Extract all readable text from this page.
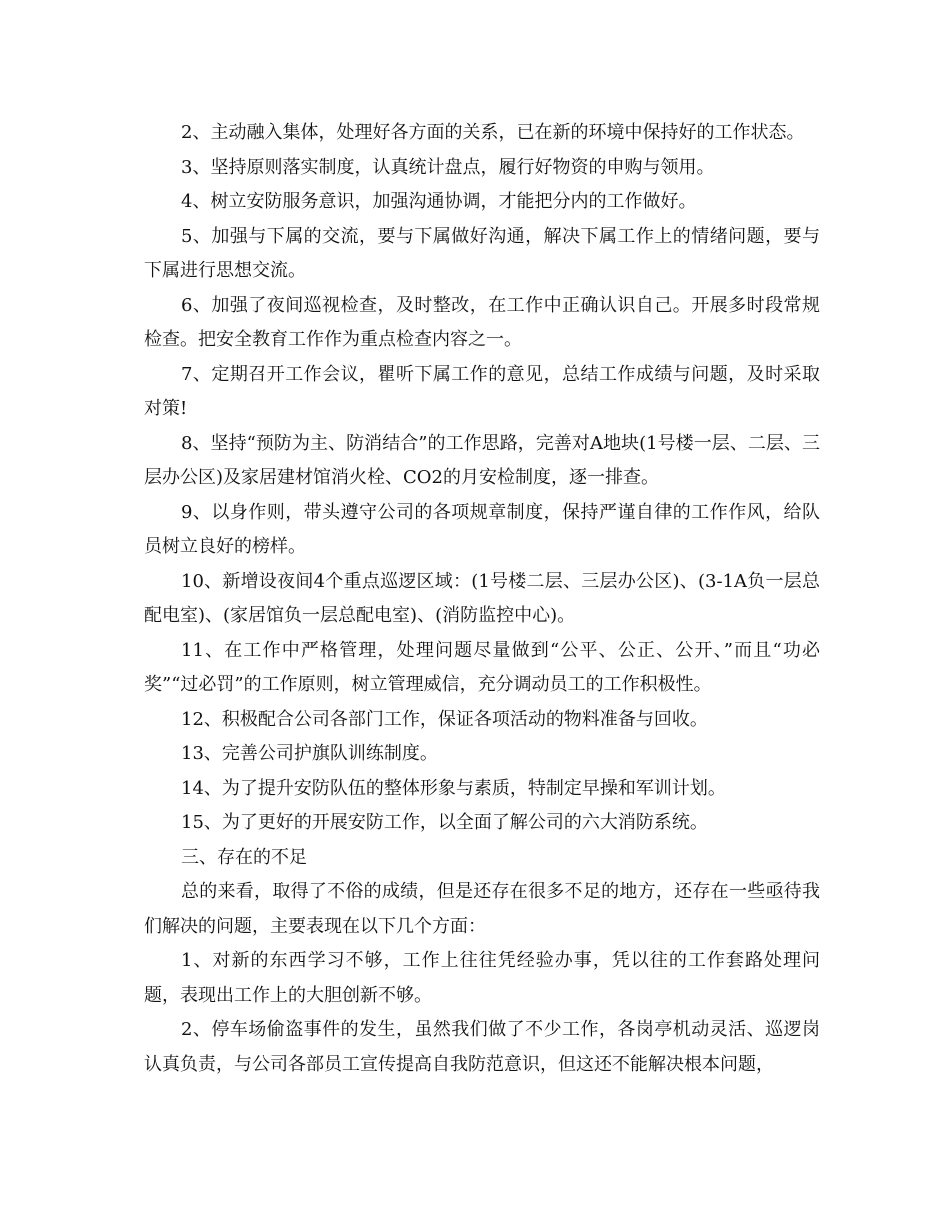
2、主动融入集体，处理好各方面的关系，已在新的环境中保持好的工作状态。

3、坚持原则落实制度，认真统计盘点，履行好物资的申购与领用。

4、树立安防服务意识，加强沟通协调，才能把分内的工作做好。

5、加强与下属的交流，要与下属做好沟通，解决下属工作上的情绪问题，要与下属进行思想交流。

6、加强了夜间巡视检查，及时整改，在工作中正确认识自己。开展多时段常规检查。把安全教育工作作为重点检查内容之一。

7、定期召开工作会议，瞿听下属工作的意见，总结工作成绩与问题，及时采取对策!

8、坚持“预防为主、防消结合”的工作思路，完善对A地块(1号楼一层、二层、三层办公区)及家居建材馆消火栓、CO2的月安检制度，逐一排查。

9、以身作则，带头遵守公司的各项规章制度，保持严谨自律的工作作风，给队员树立良好的榜样。

10、新增设夜间4个重点巡逻区域：(1号楼二层、三层办公区)、(3-1A负一层总配电室)、(家居馆负一层总配电室)、(消防监控中心)。

11、在工作中严格管理，处理问题尽量做到“公平、公正、公开、”而且“功必奖”“过必罚”的工作原则，树立管理威信，充分调动员工的工作积极性。

12、积极配合公司各部门工作，保证各项活动的物料准备与回收。

13、完善公司护旗队训练制度。

14、为了提升安防队伍的整体形象与素质，特制定早操和军训计划。

15、为了更好的开展安防工作，以全面了解公司的六大消防系统。

三、存在的不足

总的来看，取得了不俗的成绩，但是还存在很多不足的地方，还存在一些亟待我们解决的问题，主要表现在以下几个方面：

1、对新的东西学习不够，工作上往往凭经验办事，凭以往的工作套路处理问题，表现出工作上的大胆创新不够。

2、停车场偷盗事件的发生，虽然我们做了不少工作，各岗亭机动灵活、巡逻岗认真负责，与公司各部员工宣传提高自我防范意识，但这还不能解决根本问题，
